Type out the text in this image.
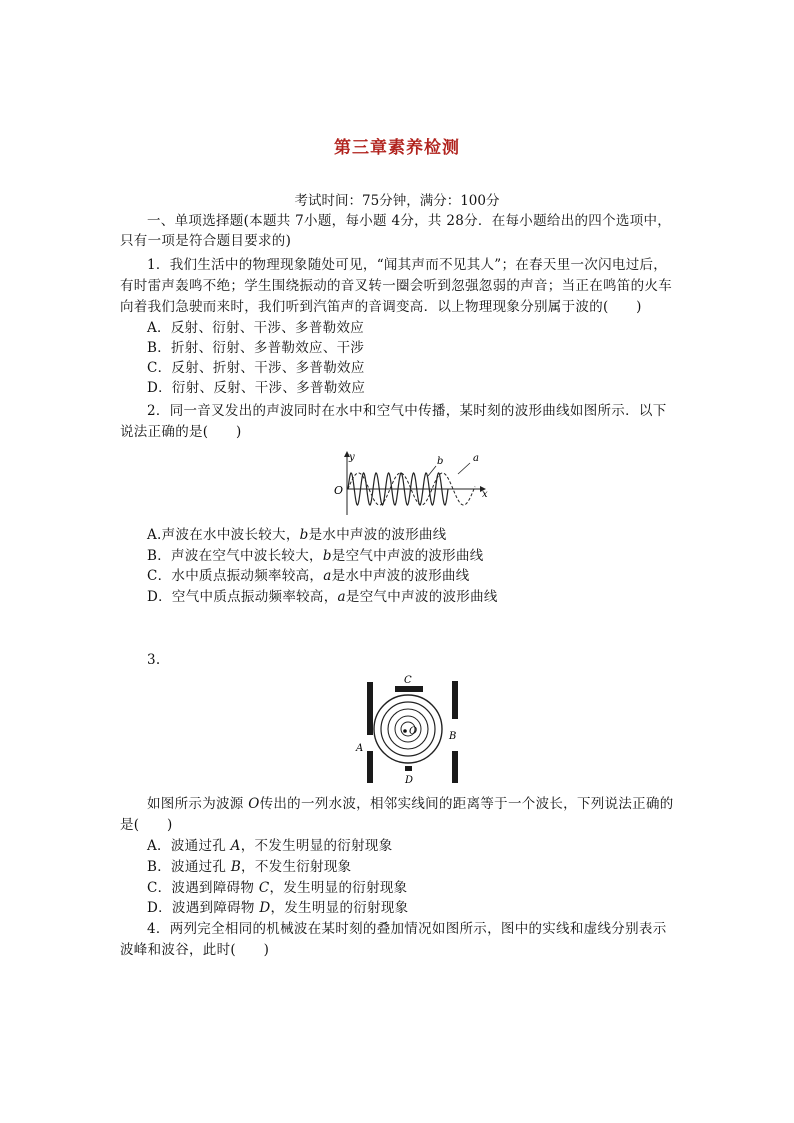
第三章素养检测
考试时间：75分钟，满分：100分
一、单项选择题(本题共 7小题，每小题 4分，共 28分．在每小题给出的四个选项中，
只有一项是符合题目要求的)
1．我们生活中的物理现象随处可见，“闻其声而不见其人”；在春天里一次闪电过后，
有时雷声轰鸣不绝；学生围绕振动的音叉转一圈会听到忽强忽弱的声音；当正在鸣笛的火车
向着我们急驶而来时，我们听到汽笛声的音调变高．以上物理现象分别属于波的(　　)
A．反射、衍射、干涉、多普勒效应
B．折射、衍射、多普勒效应、干涉
C．反射、折射、干涉、多普勒效应
D．衍射、反射、干涉、多普勒效应
2．同一音叉发出的声波同时在水中和空气中传播，某时刻的波形曲线如图所示．以下
说法正确的是(　　)
y
x
O
b	a
A.声波在水中波长较大，b是水中声波的波形曲线
B．声波在空气中波长较大，b是空气中声波的波形曲线
C．水中质点振动频率较高，a是水中声波的波形曲线
D．空气中质点振动频率较高，a是空气中声波的波形曲线
3.
O
C
D
A
B
如图所示为波源 O传出的一列水波，相邻实线间的距离等于一个波长，下列说法正确的
是(　　)
A．波通过孔 A，不发生明显的衍射现象
B．波通过孔 B，不发生衍射现象
C．波遇到障碍物 C，发生明显的衍射现象
D．波遇到障碍物 D，发生明显的衍射现象
4．两列完全相同的机械波在某时刻的叠加情况如图所示，图中的实线和虚线分别表示
波峰和波谷，此时(　　)
